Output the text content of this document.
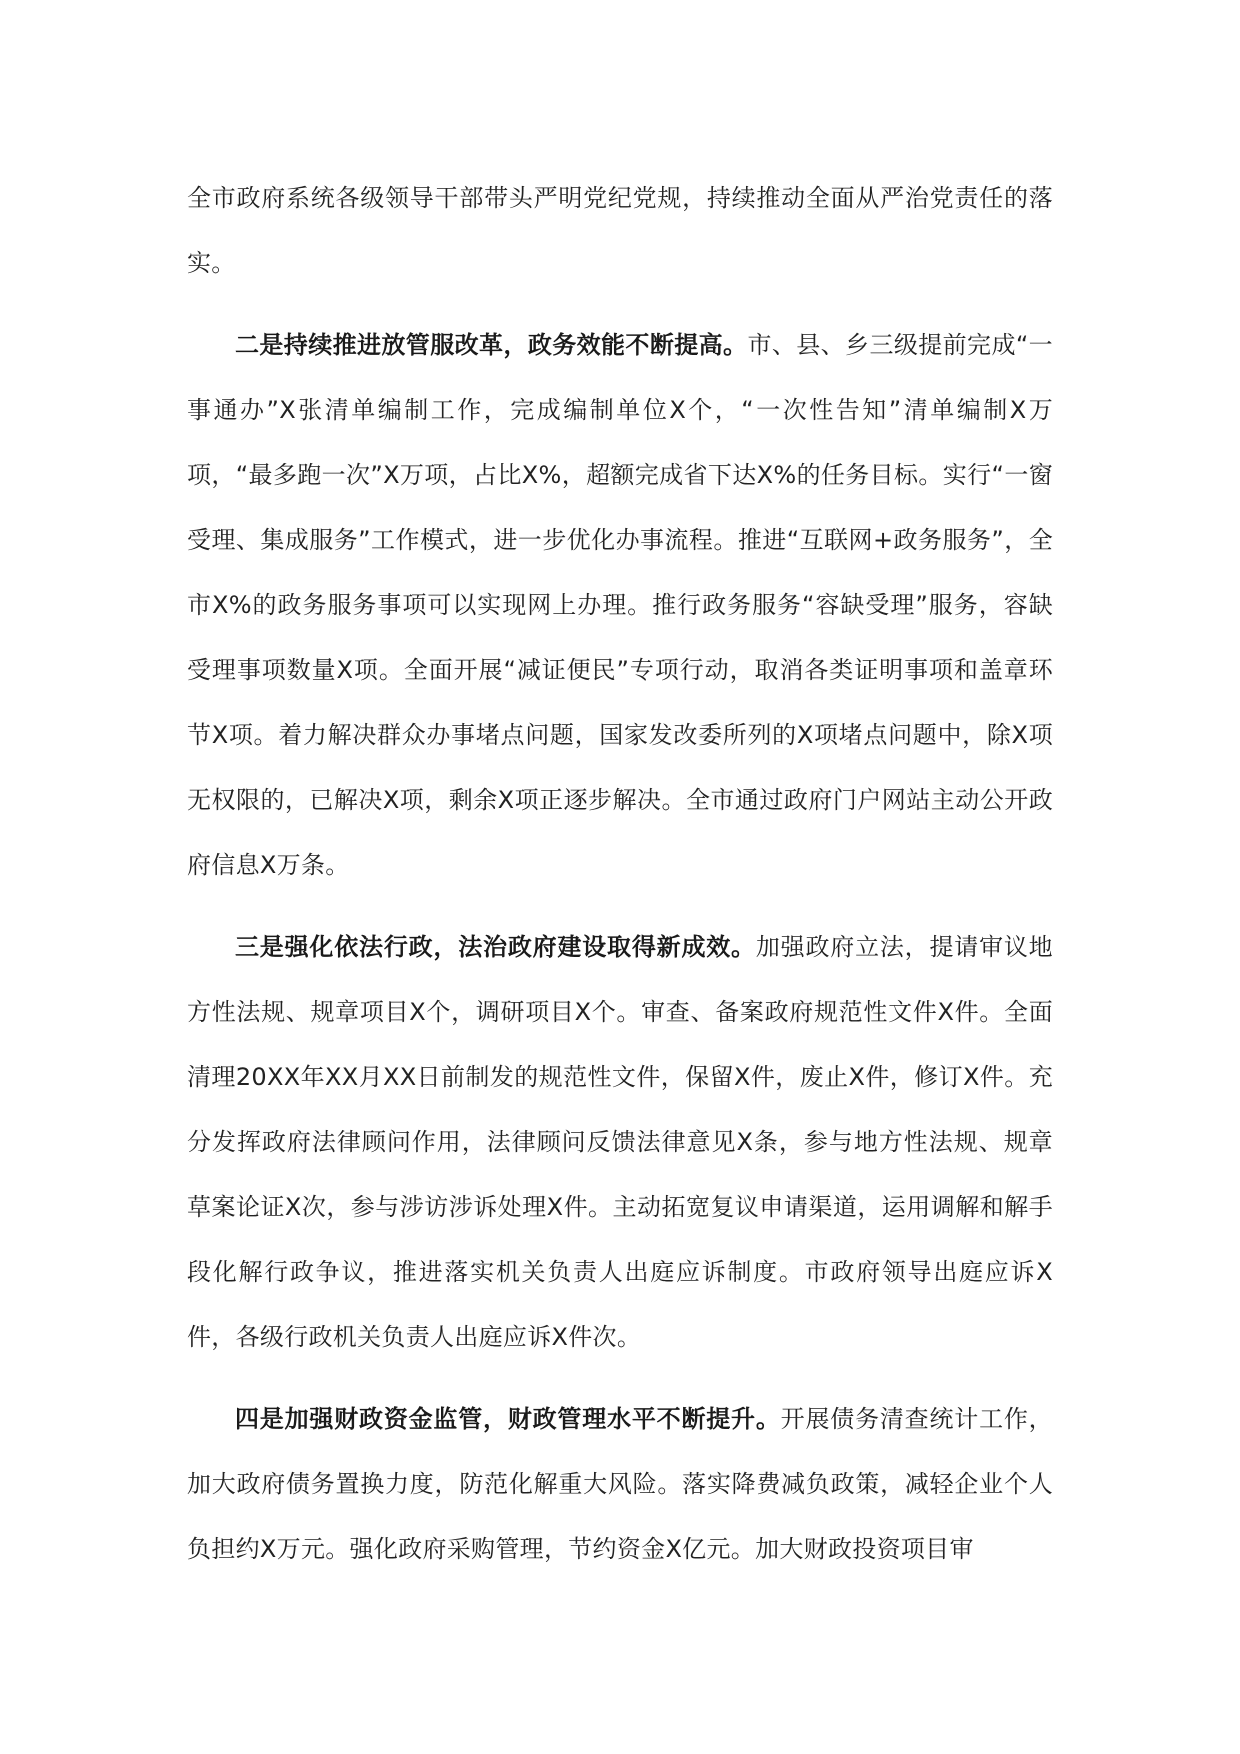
全市政府系统各级领导干部带头严明党纪党规，持续推动全面从严治党责任的落实。

二是持续推进放管服改革，政务效能不断提高。市、县、乡三级提前完成“一事通办”X张清单编制工作，完成编制单位X个，“一次性告知”清单编制X万项，“最多跑一次”X万项，占比X%，超额完成省下达X%的任务目标。实行“一窗受理、集成服务”工作模式，进一步优化办事流程。推进“互联网+政务服务”，全市X%的政务服务事项可以实现网上办理。推行政务服务“容缺受理”服务，容缺受理事项数量X项。全面开展“减证便民”专项行动，取消各类证明事项和盖章环节X项。着力解决群众办事堵点问题，国家发改委所列的X项堵点问题中，除X项无权限的，已解决X项，剩余X项正逐步解决。全市通过政府门户网站主动公开政府信息X万条。

三是强化依法行政，法治政府建设取得新成效。加强政府立法，提请审议地方性法规、规章项目X个，调研项目X个。审查、备案政府规范性文件X件。全面清理20XX年XX月XX日前制发的规范性文件，保留X件，废止X件，修订X件。充分发挥政府法律顾问作用，法律顾问反馈法律意见X条，参与地方性法规、规章草案论证X次，参与涉访涉诉处理X件。主动拓宽复议申请渠道，运用调解和解手段化解行政争议，推进落实机关负责人出庭应诉制度。市政府领导出庭应诉X件，各级行政机关负责人出庭应诉X件次。

四是加强财政资金监管，财政管理水平不断提升。开展债务清查统计工作，加大政府债务置换力度，防范化解重大风险。落实降费减负政策，减轻企业个人负担约X万元。强化政府采购管理，节约资金X亿元。加大财政投资项目审
